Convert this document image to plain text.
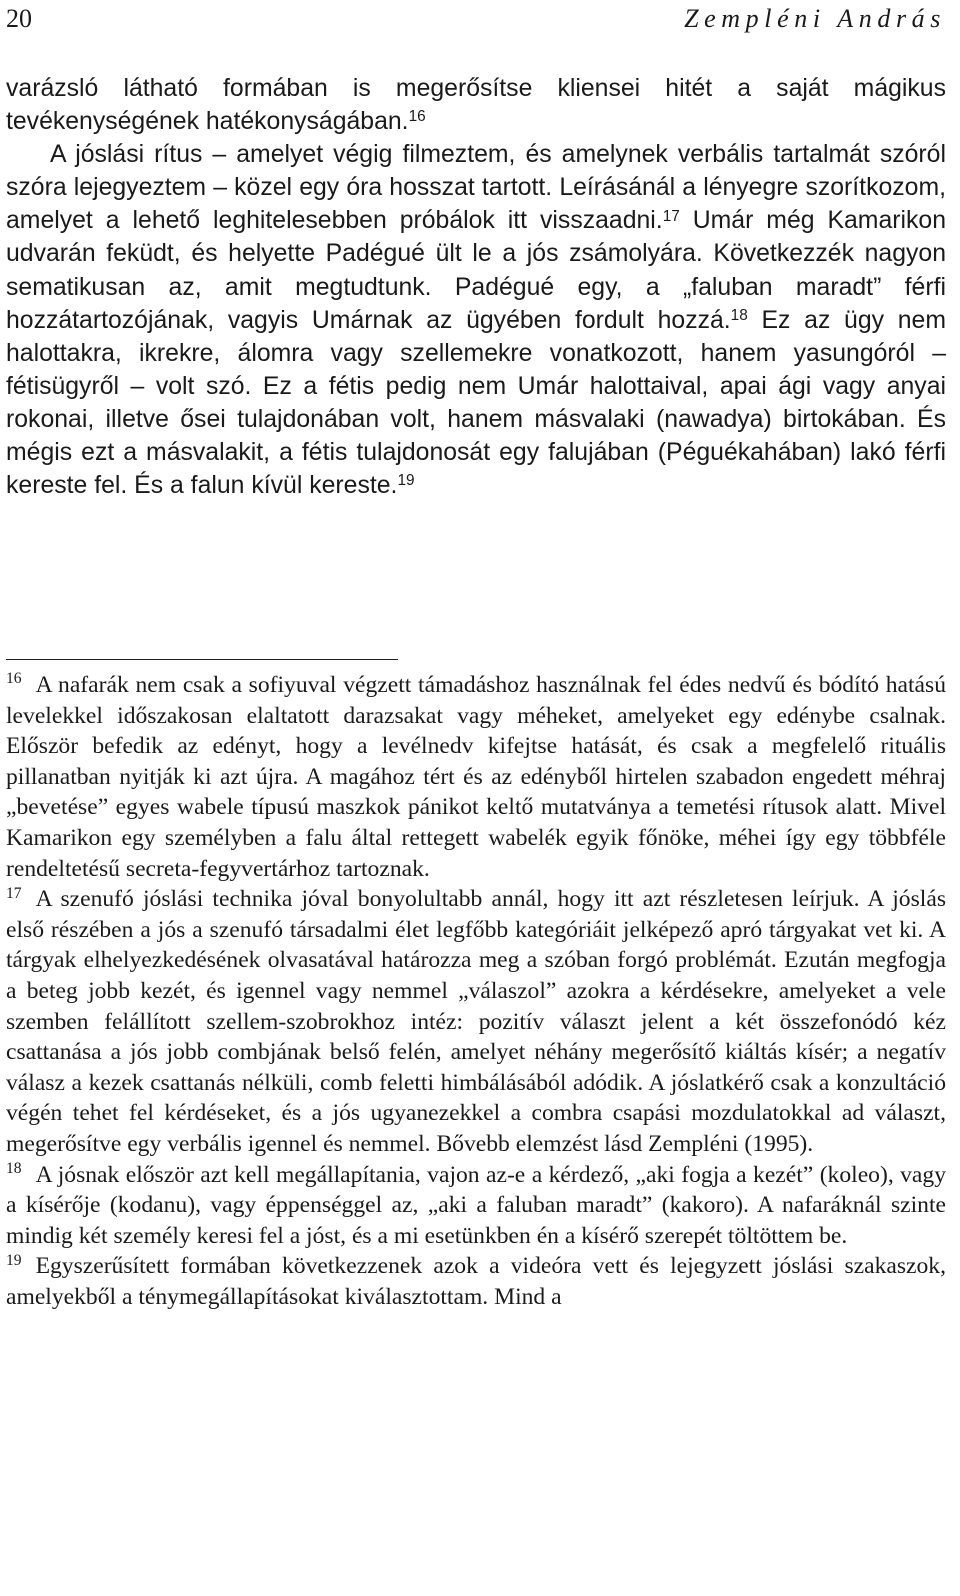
20	Zempléni András

varázsló látható formában is megerősítse kliensei hitét a saját mágikus tevékenységének hatékonyságában.$^{16}$

A jóslási rítus – amelyet végig filmeztem, és amelynek verbális tartalmát szóról szóra lejegyeztem – közel egy óra hosszat tartott. Leírásánál a lényegre szorítkozom, amelyet a lehető leghitelesebben próbálok itt visszaadni.$^{17}$ Umár még Kamarikon udvarán feküdt, és helyette Padégué ült le a jós zsámolyára. Következzék nagyon sematikusan az, amit megtudtunk. Padégué egy, a „faluban maradt” férfi hozzátartozójának, vagyis Umárnak az ügyében fordult hozzá.$^{18}$ Ez az ügy nem halottakra, ikrekre, álomra vagy szellemekre vonatkozott, hanem yasungóról – fétisügyről – volt szó. Ez a fétis pedig nem Umár halottaival, apai ági vagy anyai rokonai, illetve ősei tulajdonában volt, hanem másvalaki (nawadya) birtokában. És mégis ezt a másvalakit, a fétis tulajdonosát egy falujában (Péguékahában) lakó férfi kereste fel. És a falun kívül kereste.$^{19}$

$^{16}$ A nafarák nem csak a sofiyuval végzett támadáshoz használnak fel édes nedvű és bódító hatású levelekkel időszakosan elaltatott darazsakat vagy méheket, amelyeket egy edénybe csalnak. Először befedik az edényt, hogy a levélnedv kifejtse hatását, és csak a megfelelő rituális pillanatban nyitják ki azt újra. A magához tért és az edényből hirtelen szabadon engedett méhraj „bevetése” egyes wabele típusú maszkok pánikot keltő mutatványa a temetési rítusok alatt. Mivel Kamarikon egy személyben a falu által rettegett wabelék egyik főnöke, méhei így egy többféle rendeltetésű secreta-fegyvertárhoz tartoznak.

$^{17}$ A szenufó jóslási technika jóval bonyolultabb annál, hogy itt azt részletesen leírjuk. A jóslás első részében a jós a szenufó társadalmi élet legfőbb kategóriáit jelképező apró tárgyakat vet ki. A tárgyak elhelyezkedésének olvasatával határozza meg a szóban forgó problémát. Ezután megfogja a beteg jobb kezét, és igennel vagy nemmel „válaszol” azokra a kérdésekre, amelyeket a vele szemben felállított szellem-szobrokhoz intéz: pozitív választ jelent a két összefonódó kéz csattanása a jós jobb combjának belső felén, amelyet néhány megerősítő kiáltás kísér; a negatív válasz a kezek csattanás nélküli, comb feletti himbálásából adódik. A jóslatkérő csak a konzultáció végén tehet fel kérdéseket, és a jós ugyanezekkel a combra csapási mozdulatokkal ad választ, megerősítve egy verbális igennel és nemmel. Bővebb elemzést lásd Zempléni (1995).

$^{18}$ A jósnak először azt kell megállapítania, vajon az-e a kérdező, „aki fogja a kezét” (koleo), vagy a kísérője (kodanu), vagy éppenséggel az, „aki a faluban maradt” (kakoro). A nafaráknál szinte mindig két személy keresi fel a jóst, és a mi esetünkben én a kísérő szerepét töltöttem be.

$^{19}$ Egyszerűsített formában következzenek azok a videóra vett és lejegyzett jóslási szakaszok, amelyekből a ténymegállapításokat kiválasztottam. Mind a
